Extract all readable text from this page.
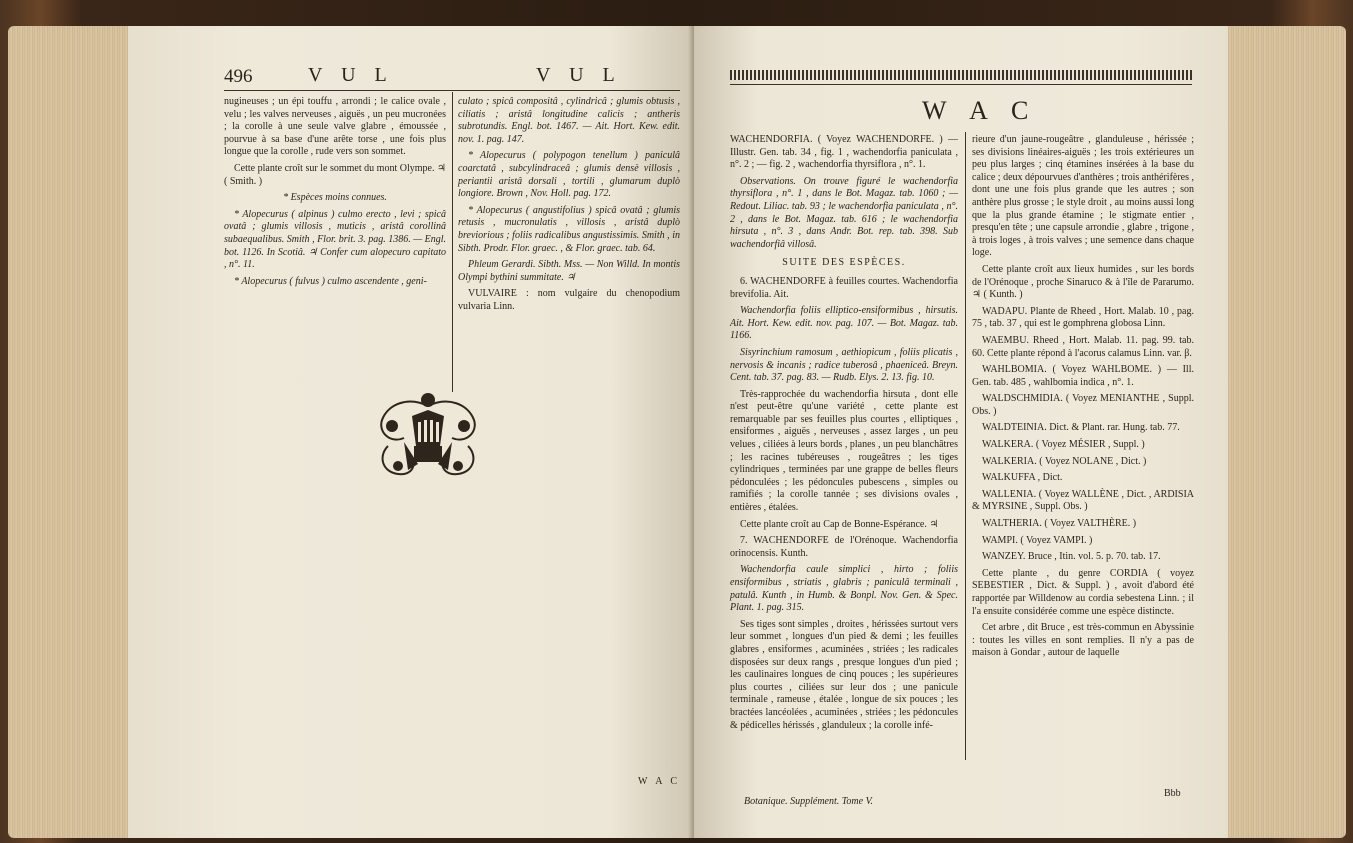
496	V U L	V U L

nugineuses ; un épi touffu , arrondi ; le calice ovale , velu ; les valves nerveuses , aiguës , un peu mucronées ; la corolle à une seule valve glabre , émoussée , pourvue à sa base d'une arête torse , une fois plus longue que la corolle , rude vers son sommet.

Cette plante croît sur le sommet du mont Olympe. ♃ ( Smith. )

* Espèces moins connues.

* Alopecurus ( alpinus ) culmo erecto , levi ; spicâ ovatâ ; glumis villosis , muticis , aristâ corollinâ subaequalibus. Smith , Flor. brit. 3. pag. 1386. — Engl. bot. 1126. In Scotiâ. ♃ Confer cum alopecuro capitato , n°. 11.

* Alopecurus ( fulvus ) culmo ascendente , geni-

culato ; spicâ compositâ , cylindricâ ; glumis obtusis , ciliatis ; aristâ longitudine calicis ; antheris subrotundis. Engl. bot. 1467. — Ait. Hort. Kew. edit. nov. 1. pag. 147.

* Alopecurus ( polypogon tenellum ) paniculâ coarctatâ , subcylindraceâ ; glumis densè villosis , periantii aristâ dorsali , tortili , glumarum duplò longiore. Brown , Nov. Holl. pag. 172.

* Alopecurus ( angustifolius ) spicâ ovatâ ; glumis retusis , mucronulatis , villosis , aristâ duplò breviorious ; foliis radicalibus angustissimis. Smith , in Sibth. Prodr. Flor. graec. , & Flor. graec. tab. 64.

Phleum Gerardi. Sibth. Mss. — Non Willd. In montis Olympi bythini summitate. ♃

VULVAIRE : nom vulgaire du chenopodium vulvaria Linn.

W A C
W A C

WACHENDORFIA. ( Voyez WACHENDORFE. ) — Illustr. Gen. tab. 34 , fig. 1 , wachendorfia paniculata , n°. 2 ; — fig. 2 , wachendorfia thyrsiflora , n°. 1.

Observations. On trouve figuré le wachendorfia thyrsiflora , n°. 1 , dans le Bot. Magaz. tab. 1060 ; — Redout. Liliac. tab. 93 ; le wachendorfia paniculata , n°. 2 , dans le Bot. Magaz. tab. 616 ; le wachendorfia hirsuta , n°. 3 , dans Andr. Bot. rep. tab. 398. Sub wachendorfiâ villosâ.

SUITE DES ESPÈCES.

6. WACHENDORFE à feuilles courtes. Wachendorfia brevifolia. Ait.

Wachendorfia foliis elliptico-ensiformibus , hirsutis. Ait. Hort. Kew. edit. nov. pag. 107. — Bot. Magaz. tab. 1166.

Sisyrinchium ramosum , aethiopicum , foliis plicatis , nervosis & incanis ; radice tuberosâ , phaeniceâ. Breyn. Cent. tab. 37. pag. 83. — Rudb. Elys. 2. 13. fig. 10.

Très-rapprochée du wachendorfia hirsuta , dont elle n'est peut-être qu'une variété , cette plante est remarquable par ses feuilles plus courtes , elliptiques , ensiformes , aiguës , nerveuses , assez larges , un peu velues , ciliées à leurs bords , planes , un peu blanchâtres ; les racines tubéreuses , rougeâtres ; les tiges cylindriques , terminées par une grappe de belles fleurs pédonculées ; les pédoncules pubescens , simples ou ramifiés ; la corolle tannée ; ses divisions ovales , entières , étalées.

Cette plante croît au Cap de Bonne-Espérance. ♃

7. WACHENDORFE de l'Orénoque. Wachendorfia orinocensis. Kunth.

Wachendorfia caule simplici , hirto ; foliis ensiformibus , striatis , glabris ; paniculâ terminali , patulâ. Kunth , in Humb. & Bonpl. Nov. Gen. & Spec. Plant. 1. pag. 315.

Ses tiges sont simples , droites , hérissées surtout vers leur sommet , longues d'un pied & demi ; les feuilles glabres , ensiformes , acuminées , striées ; les radicales disposées sur deux rangs , presque longues d'un pied ; les caulinaires longues de cinq pouces ; les supérieures plus courtes , ciliées sur leur dos ; une panicule terminale , rameuse , étalée , longue de six pouces ; les bractées lancéolées , acuminées , striées ; les pédoncules & pédicelles hérissés , glanduleux ; la corolle infé-

rieure d'un jaune-rougeâtre , glanduleuse , hérissée ; ses divisions linéaires-aiguës ; les trois extérieures un peu plus larges ; cinq étamines insérées à la base du calice ; deux dépourvues d'anthères ; trois anthérifères , dont une une fois plus grande que les autres ; son anthère plus grosse ; le style droit , au moins aussi long que la plus grande étamine ; le stigmate entier , presqu'en tête ; une capsule arrondie , glabre , trigone , à trois loges , à trois valves ; une semence dans chaque loge.

Cette plante croît aux lieux humides , sur les bords de l'Orénoque , proche Sinaruco & à l'île de Pararumo. ♃ ( Kunth. )

WADAPU. Plante de Rheed , Hort. Malab. 10 , pag. 75 , tab. 37 , qui est le gomphrena globosa Linn.

WAEMBU. Rheed , Hort. Malab. 11. pag. 99. tab. 60. Cette plante répond à l'acorus calamus Linn. var. β.

WAHLBOMIA. ( Voyez WAHLBOME. ) — Ill. Gen. tab. 485 , wahlbomia indica , n°. 1.

WALDSCHMIDIA. ( Voyez MENIANTHE , Suppl. Obs. )

WALDTEINIA. Dict. & Plant. rar. Hung. tab. 77.

WALKERA. ( Voyez MÉSIER , Suppl. )

WALKERIA. ( Voyez NOLANE , Dict. )

WALKUFFA , Dict.

WALLENIA. ( Voyez WALLÈNE , Dict. , ARDISIA & MYRSINE , Suppl. Obs. )

WALTHERIA. ( Voyez VALTHÈRE. )

WAMPI. ( Voyez VAMPI. )

WANZEY. Bruce , Itin. vol. 5. p. 70. tab. 17.

Cette plante , du genre CORDIA ( voyez SEBESTIER , Dict. & Suppl. ) , avoit d'abord été rapportée par Willdenow au cordia sebestena Linn. ; il l'a ensuite considérée comme une espèce distincte.

Cet arbre , dit Bruce , est très-commun en Abyssinie : toutes les villes en sont remplies. Il n'y a pas de maison à Gondar , autour de laquelle

Botanique. Supplément. Tome V.
Bbb
